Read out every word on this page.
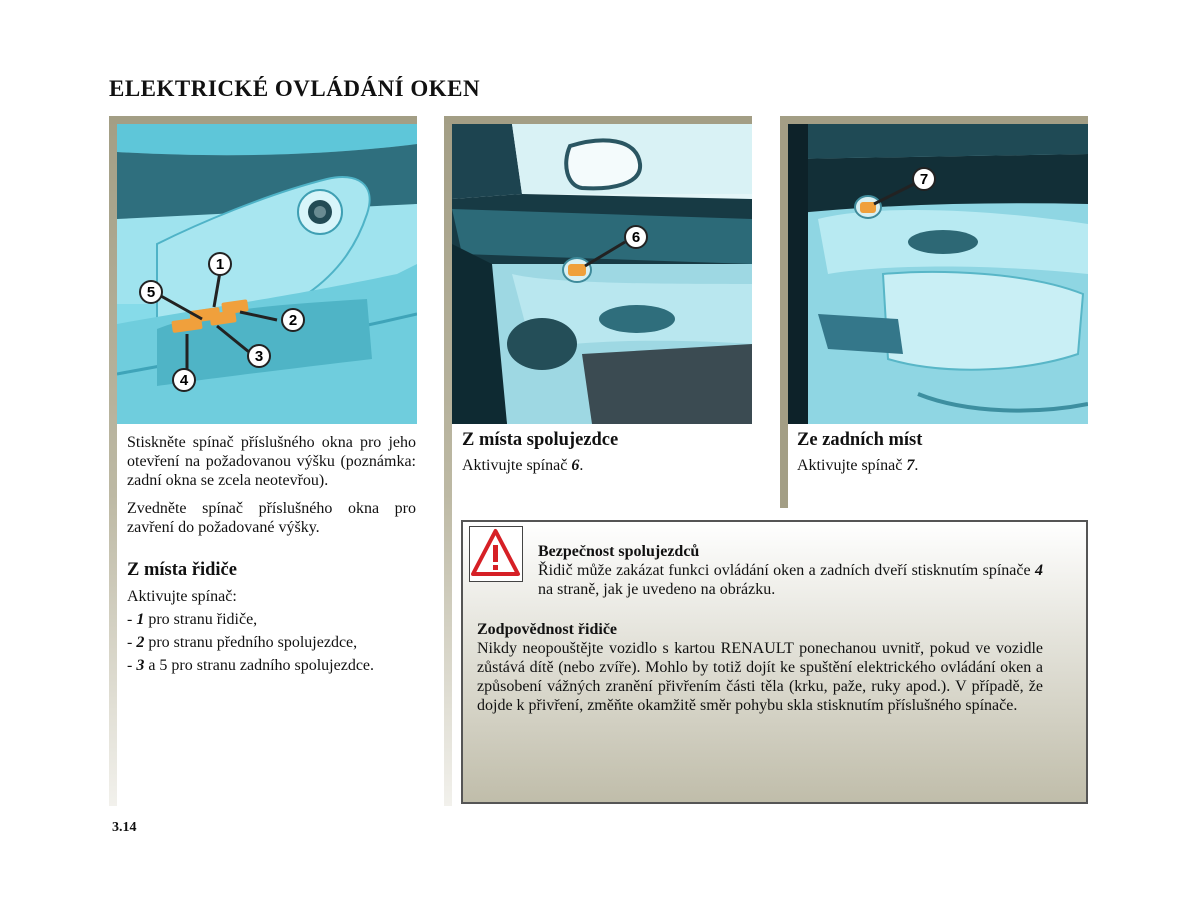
ELEKTRICKÉ OVLÁDÁNÍ OKEN
1
2
3
4
5

Stiskněte spínač příslušného okna pro jeho otevření na požadovanou výšku (poznámka: zadní okna se zcela neotevřou).

Zvedněte spínač příslušného okna pro zavření do požadované výšky.

Z místa řidiče
Aktivujte spínač:
- 1 pro stranu řidiče,
- 2 pro stranu předního spolujezdce,
- 3 a 5 pro stranu zadního spolujezdce.
6
Z místa spolujezdce
Aktivujte spínač 6.
7
Ze zadních míst
Aktivujte spínač 7.
Bezpečnost spolujezdců
Řidič může zakázat funkci ovládání oken a zadních dveří stisknutím spínače 4 na straně, jak je uvedeno na obrázku.
Zodpovědnost řidiče
Nikdy neopouštějte vozidlo s kartou RENAULT ponechanou uvnitř, pokud ve vozidle zůstává dítě (nebo zvíře). Mohlo by totiž dojít ke spuštění elektrického ovládání oken a způsobení vážných zranění přivřením části těla (krku, paže, ruky apod.). V případě, že dojde k přivření, změňte okamžitě směr pohybu skla stisknutím příslušného spínače.
3.14
